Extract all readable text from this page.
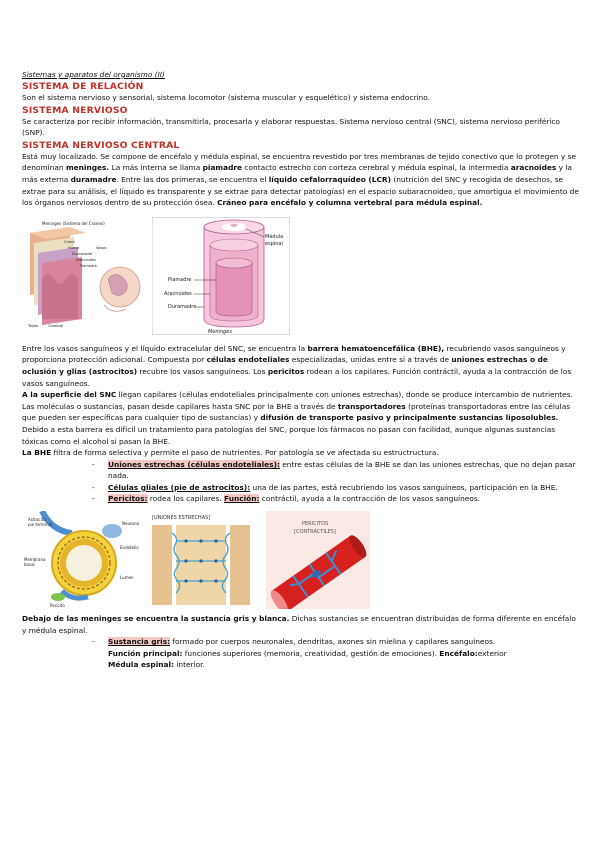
Sistemas y aparatos del organismo (II)

SISTEMA DE RELACIÓN

Son el sistema nervioso y sensorial, sistema locomotor (sistema muscular y esquelético) y sistema endocrino.

SISTEMA NERVIOSO

Se caracteriza por recibir información, transmitirla, procesarla y elaborar respuestas. Sistema nervioso central (SNC), sistema nervioso periférico (SNP).

SISTEMA NERVIOSO CENTRAL

Está muy localizado. Se compone de encéfalo y médula espinal, se encuentra revestido por tres membranas de tejido conectivo que lo protegen y se denominan meninges. La más interna se llama piamadre contacto estrecho con corteza cerebral y médula espinal, la intermedia aracnoides y la más externa duramadre. Entre las dos primeras, se encuentra el líquido cefalorraquídeo (LCR) (nutrición del SNC y recogida de desechos, se extrae para su análisis, el líquido es transparente y se extrae para detectar patologías) en el espacio subaracnoideo, que amortigua el movimiento de los órganos nerviosos dentro de su protección ósea. Cráneo para encéfalo y columna vertebral para médula espinal.

Meninges (Sistema del Cráneo)
Cuero
Hueso
Duramadre
Aracnoides
Piamadre
Vasos
Tejido	Cerebral
Médula
espinal
Piamadre
Aracnoides
Duramadre
Meninges

Entre los vasos sanguíneos y el líquido extracelular del SNC, se encuentra la barrera hematoencefálica (BHE), recubriendo vasos sanguíneos y proporciona protección adicional. Compuesta por células endoteliales especializadas, unidas entre sí a través de uniones estrechas o de oclusión y glias (astrocitos) recubre los vasos sanguíneos. Los pericitos rodean a los capilares. Función contráctil, ayuda a la contracción de los vasos sanguíneos.

A la superficie del SNC llegan capilares (células endoteliales principalmente con uniones estrechas), donde se produce intercambio de nutrientes. Las moléculas o sustancias, pasan desde capilares hasta SNC por la BHE a través de transportadores (proteínas transportadoras entre las células que pueden ser específicas para cualquier tipo de sustancias) y difusión de transporte pasivo y principalmente sustancias liposolubles.

Debido a esta barrera es difícil un tratamiento para patologías del SNC, porque los fármacos no pasan con facilidad, aunque algunas sustancias tóxicas como el alcohol si pasan la BHE.

La BHE filtra de forma selectiva y permite el paso de nutrientes. Por patología se ve afectada su estructructura.

- Uniones estrechas (células endoteliales): entre estas células de la BHE se dan las uniones estrechas, que no dejan pasar nada.
- Células gliales (pie de astrocitos): una de las partes, está recubriendo los vasos sanguíneos, participación en la BHE.
- Pericitos: rodea los capilares. Función: contráctil, ayuda a la contracción de los vasos sanguíneos.
Astrocito
pie terminal	Neurona
Endotelio
Membrana
basal
Lumen
Pericito
[UNIONES ESTRECHAS]
PERICITOS
[CONTRÁCTILES]

Debajo de las meninges se encuentra la sustancia gris y blanca. Dichas sustancias se encuentran distribuidas de forma diferente en encéfalo y médula espinal.

- Sustancia gris: formado por cuerpos neuronales, dendritas, axones sin mielina y capilares sanguíneos.
Función principal: funciones superiores (memoria, creatividad, gestión de emociones). Encéfalo:exterior
Médula espinal: interior.
